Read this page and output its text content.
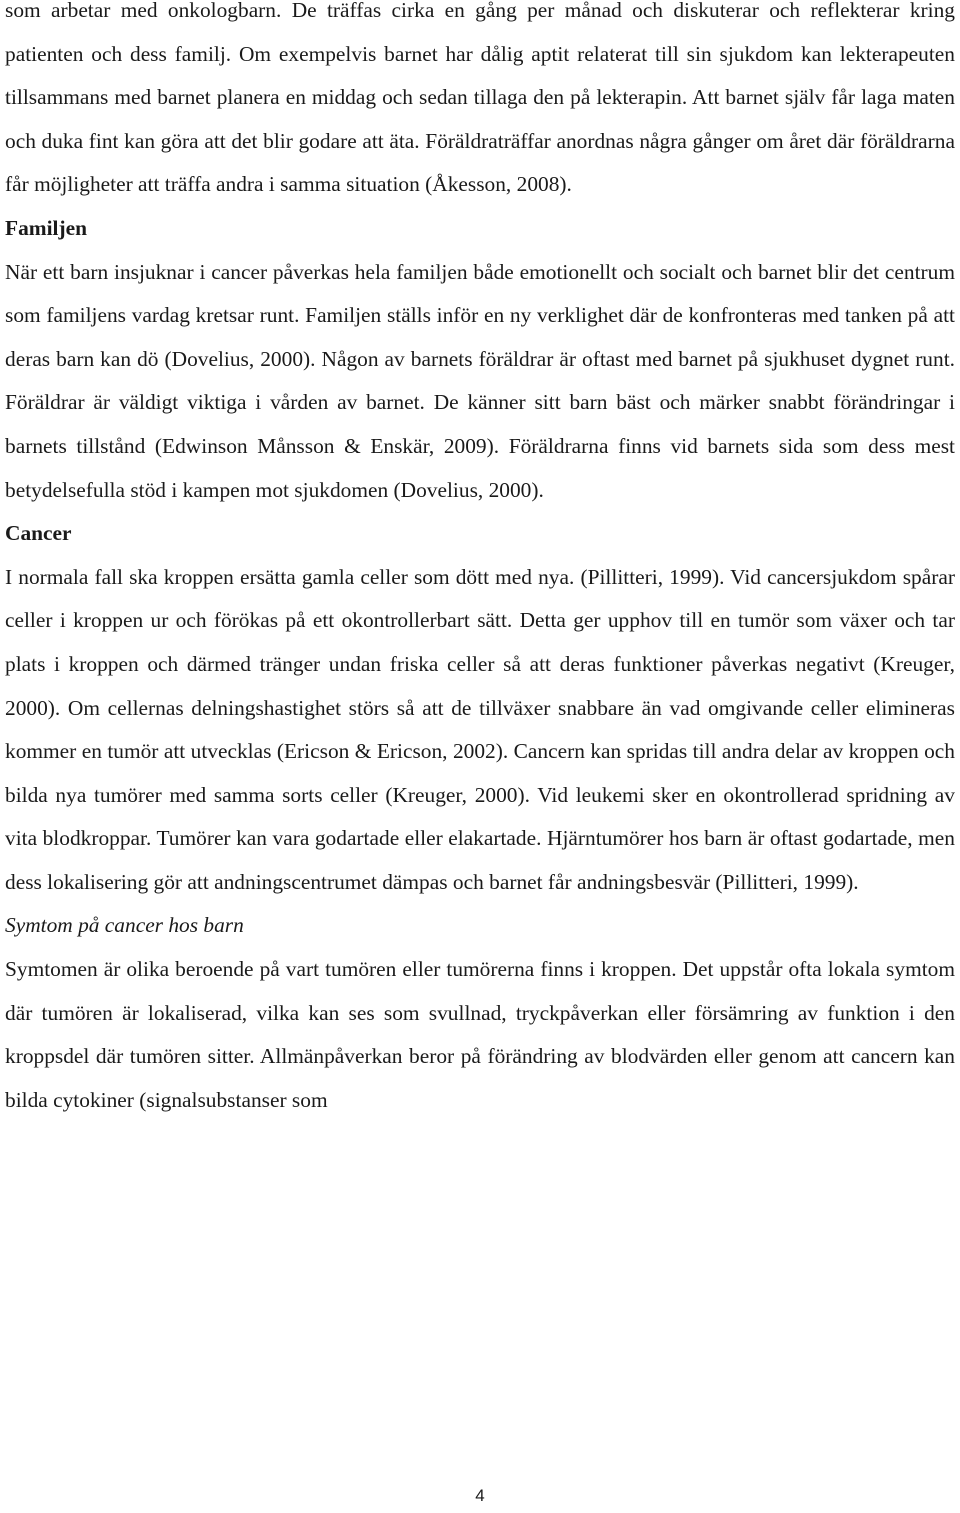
som arbetar med onkologbarn. De träffas cirka en gång per månad och diskuterar och reflekterar kring patienten och dess familj. Om exempelvis barnet har dålig aptit relaterat till sin sjukdom kan lekterapeuten tillsammans med barnet planera en middag och sedan tillaga den på lekterapin. Att barnet själv får laga maten och duka fint kan göra att det blir godare att äta. Föräldraträffar anordnas några gånger om året där föräldrarna får möjligheter att träffa andra i samma situation (Åkesson, 2008).

Familjen

När ett barn insjuknar i cancer påverkas hela familjen både emotionellt och socialt och barnet blir det centrum som familjens vardag kretsar runt. Familjen ställs inför en ny verklighet där de konfronteras med tanken på att deras barn kan dö (Dovelius, 2000). Någon av barnets föräldrar är oftast med barnet på sjukhuset dygnet runt. Föräldrar är väldigt viktiga i vården av barnet. De känner sitt barn bäst och märker snabbt förändringar i barnets tillstånd (Edwinson Månsson & Enskär, 2009). Föräldrarna finns vid barnets sida som dess mest betydelsefulla stöd i kampen mot sjukdomen (Dovelius, 2000).

Cancer

I normala fall ska kroppen ersätta gamla celler som dött med nya. (Pillitteri, 1999). Vid cancersjukdom spårar celler i kroppen ur och förökas på ett okontrollerbart sätt. Detta ger upphov till en tumör som växer och tar plats i kroppen och därmed tränger undan friska celler så att deras funktioner påverkas negativt (Kreuger, 2000). Om cellernas delningshastighet störs så att de tillväxer snabbare än vad omgivande celler elimineras kommer en tumör att utvecklas (Ericson & Ericson, 2002). Cancern kan spridas till andra delar av kroppen och bilda nya tumörer med samma sorts celler (Kreuger, 2000). Vid leukemi sker en okontrollerad spridning av vita blodkroppar. Tumörer kan vara godartade eller elakartade. Hjärntumörer hos barn är oftast godartade, men dess lokalisering gör att andningscentrumet dämpas och barnet får andningsbesvär (Pillitteri, 1999).

Symtom på cancer hos barn

Symtomen är olika beroende på vart tumören eller tumörerna finns i kroppen. Det uppstår ofta lokala symtom där tumören är lokaliserad, vilka kan ses som svullnad, tryckpåverkan eller försämring av funktion i den kroppsdel där tumören sitter. Allmänpåverkan beror på förändring av blodvärden eller genom att cancern kan bilda cytokiner (signalsubstanser som

4
